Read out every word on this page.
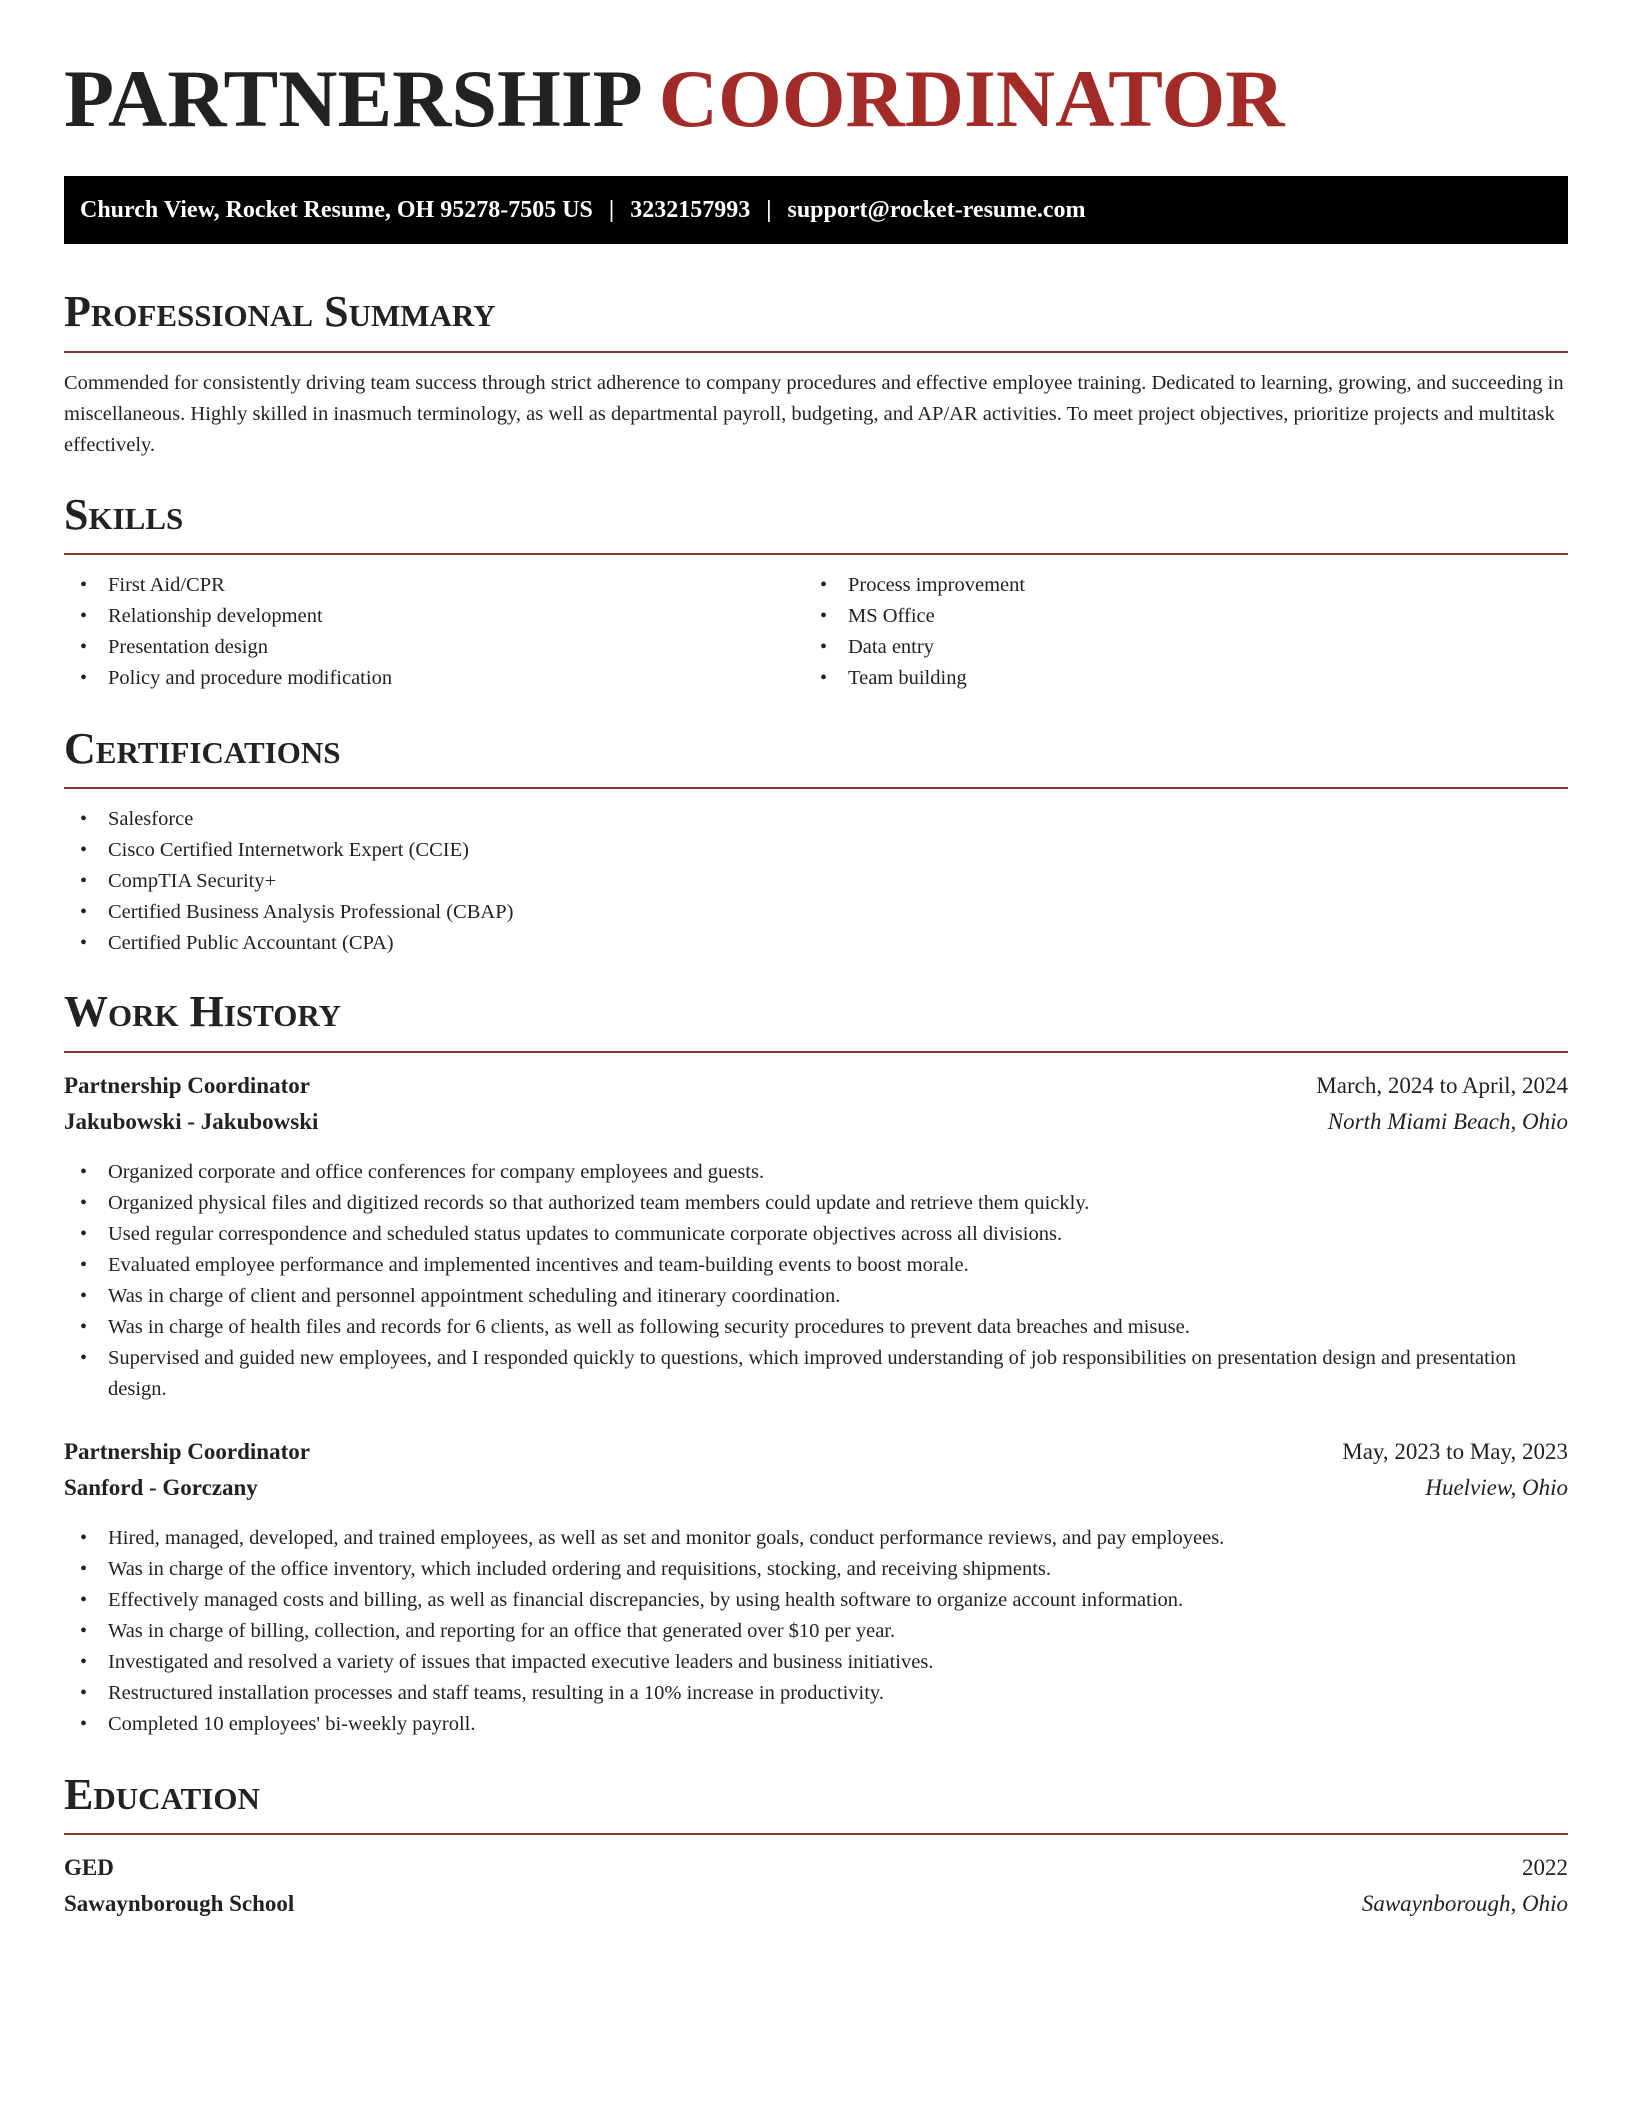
PARTNERSHIP COORDINATOR
Church View, Rocket Resume, OH 95278-7505 US | 3232157993 | support@rocket-resume.com
Professional Summary

Commended for consistently driving team success through strict adherence to company procedures and effective employee training. Dedicated to learning, growing, and succeeding in miscellaneous. Highly skilled in inasmuch terminology, as well as departmental payroll, budgeting, and AP/AR activities. To meet project objectives, prioritize projects and multitask effectively.

Skills
• First Aid/CPR
• Relationship development
• Presentation design
• Policy and procedure modification
• Process improvement
• MS Office
• Data entry
• Team building
Certifications
• Salesforce
• Cisco Certified Internetwork Expert (CCIE)
• CompTIA Security+
• Certified Business Analysis Professional (CBAP)
• Certified Public Accountant (CPA)
Work History
Partnership Coordinator	March, 2024 to April, 2024
Jakubowski - Jakubowski	North Miami Beach, Ohio
• Organized corporate and office conferences for company employees and guests.
• Organized physical files and digitized records so that authorized team members could update and retrieve them quickly.
• Used regular correspondence and scheduled status updates to communicate corporate objectives across all divisions.
• Evaluated employee performance and implemented incentives and team-building events to boost morale.
• Was in charge of client and personnel appointment scheduling and itinerary coordination.
• Was in charge of health files and records for 6 clients, as well as following security procedures to prevent data breaches and misuse.
• Supervised and guided new employees, and I responded quickly to questions, which improved understanding of job responsibilities on presentation design and presentation design.
Partnership Coordinator	May, 2023 to May, 2023
Sanford - Gorczany	Huelview, Ohio
• Hired, managed, developed, and trained employees, as well as set and monitor goals, conduct performance reviews, and pay employees.
• Was in charge of the office inventory, which included ordering and requisitions, stocking, and receiving shipments.
• Effectively managed costs and billing, as well as financial discrepancies, by using health software to organize account information.
• Was in charge of billing, collection, and reporting for an office that generated over $10 per year.
• Investigated and resolved a variety of issues that impacted executive leaders and business initiatives.
• Restructured installation processes and staff teams, resulting in a 10% increase in productivity.
• Completed 10 employees' bi-weekly payroll.
Education
GED	2022
Sawaynborough School	Sawaynborough, Ohio
